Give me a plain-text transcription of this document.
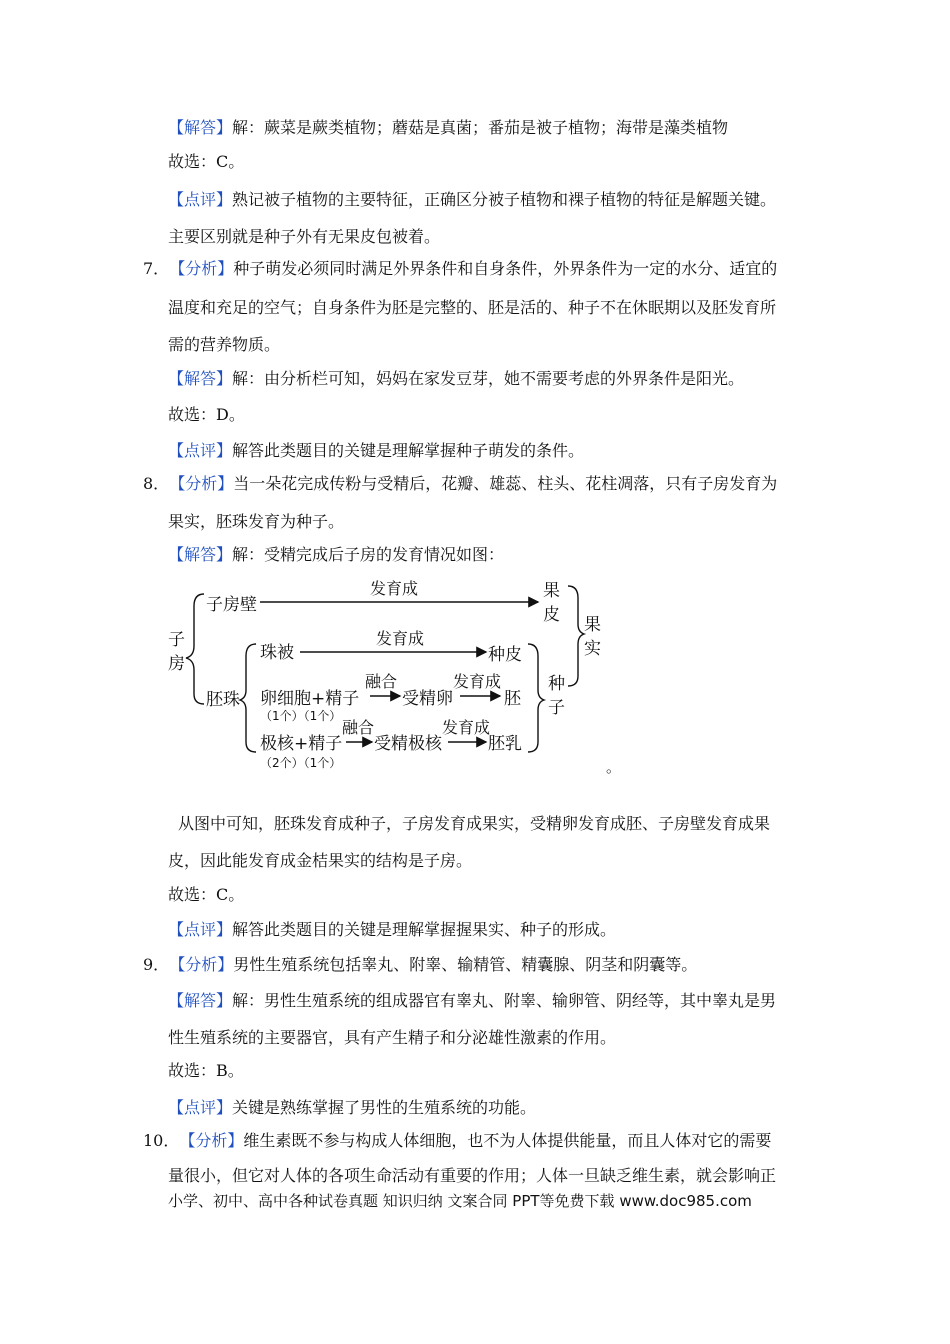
【解答】解：蕨菜是蕨类植物；蘑菇是真菌；番茄是被子植物；海带是藻类植物
故选：C。
【点评】熟记被子植物的主要特征，正确区分被子植物和裸子植物的特征是解题关键。
主要区别就是种子外有无果皮包被着。
7．【分析】种子萌发必须同时满足外界条件和自身条件，外界条件为一定的水分、适宜的
温度和充足的空气；自身条件为胚是完整的、胚是活的、种子不在休眠期以及胚发育所
需的营养物质。
【解答】解：由分析栏可知，妈妈在家发豆芽，她不需要考虑的外界条件是阳光。
故选：D。
【点评】解答此类题目的关键是理解掌握种子萌发的条件。
8．【分析】当一朵花完成传粉与受精后，花瓣、雄蕊、柱头、花柱凋落，只有子房发育为
果实，胚珠发育为种子。
【解答】解：受精完成后子房的发育情况如图：
子
房
子房壁
发育成	果
皮
胚珠
珠被
发育成
种皮
卵细胞+精子
（1个）（1个）
融合
受精卵
发育成
胚
极核+精子
（2个）（1个）
融合
受精极核
发育成
胚乳
种
子
果
实
。
从图中可知，胚珠发育成种子，子房发育成果实，受精卵发育成胚、子房壁发育成果
皮，因此能发育成金桔果实的结构是子房。
故选：C。
【点评】解答此类题目的关键是理解掌握握果实、种子的形成。
9．【分析】男性生殖系统包括睾丸、附睾、输精管、精囊腺、阴茎和阴囊等。
【解答】解：男性生殖系统的组成器官有睾丸、附睾、输卵管、阴经等，其中睾丸是男
性生殖系统的主要器官，具有产生精子和分泌雄性激素的作用。
故选：B。
【点评】关键是熟练掌握了男性的生殖系统的功能。
10．【分析】维生素既不参与构成人体细胞，也不为人体提供能量，而且人体对它的需要
量很小，但它对人体的各项生命活动有重要的作用；人体一旦缺乏维生素，就会影响正
小学、初中、高中各种试卷真题 知识归纳 文案合同 PPT等免费下载 www.doc985.com
